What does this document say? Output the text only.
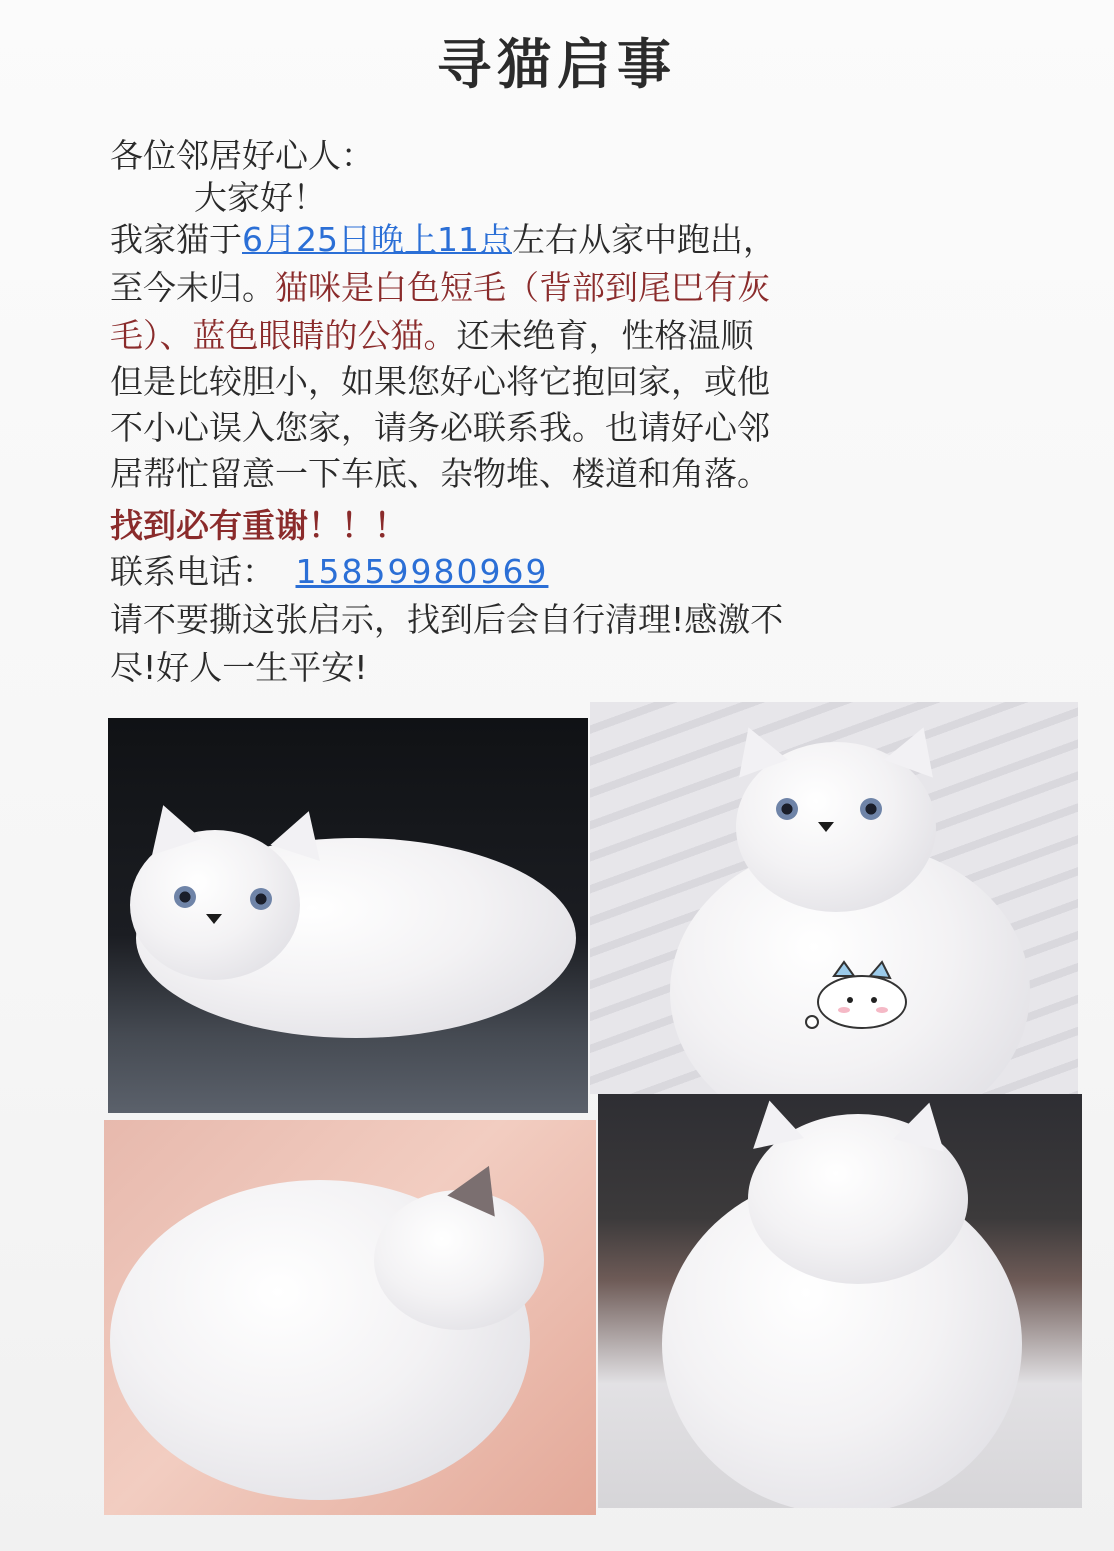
寻猫启事
各位邻居好心人：
大家好！
我家猫于6月25日晚上11点左右从家中跑出，
至今未归。猫咪是白色短毛（背部到尾巴有灰
毛）、蓝色眼睛的公猫。还未绝育，性格温顺
但是比较胆小，如果您好心将它抱回家，或他
不小心误入您家，请务必联系我。也请好心邻
居帮忙留意一下车底、杂物堆、楼道和角落。
找到必有重谢！！！
联系电话： 15859980969
请不要撕这张启示，找到后会自行清理!感激不
尽!好人一生平安!
